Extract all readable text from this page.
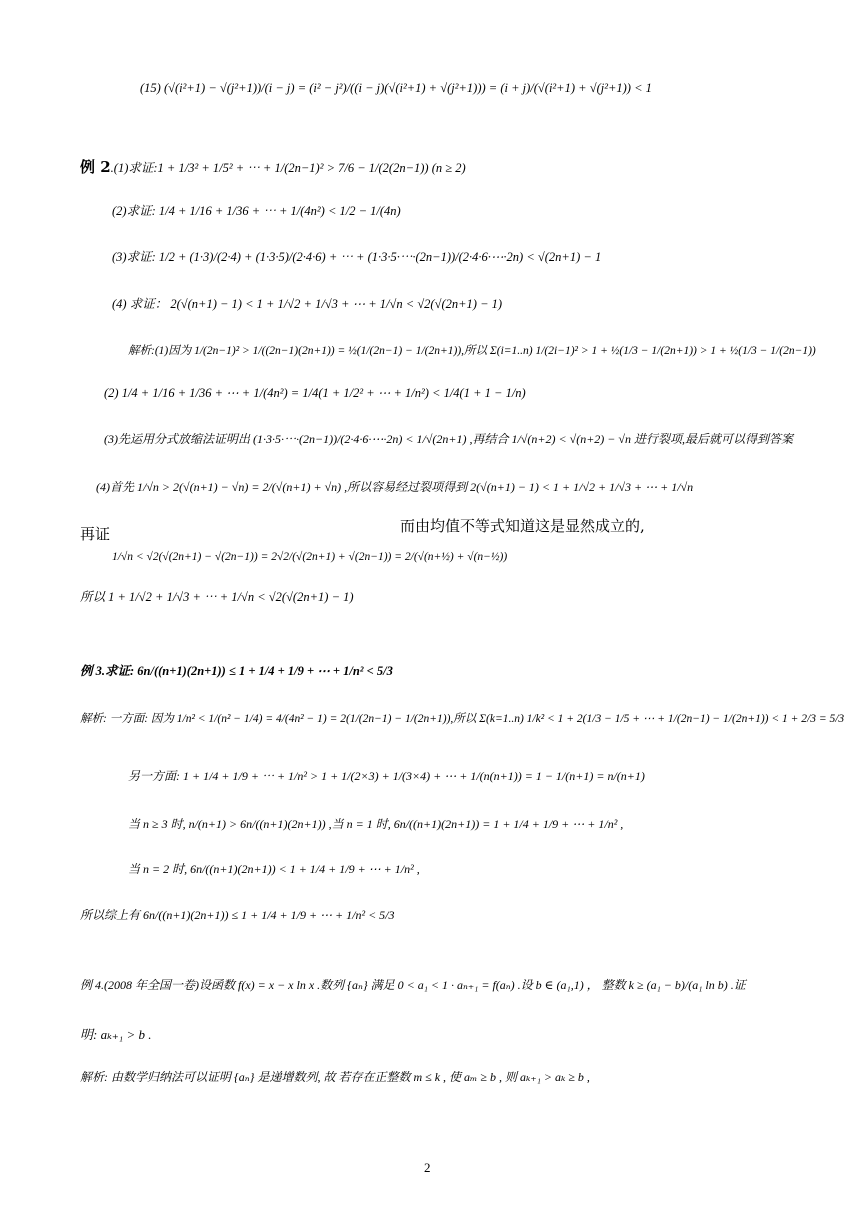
(15) (√(i²+1) − √(j²+1))/(i − j) = (i² − j²)/((i − j)(√(i²+1) + √(j²+1))) = (i + j)/(√(i²+1) + √(j²+1)) < 1
例 2.(1)求证:1 + 1/3² + 1/5² + ⋯ + 1/(2n−1)² > 7/6 − 1/(2(2n−1)) (n ≥ 2)
(2)求证: 1/4 + 1/16 + 1/36 + ⋯ + 1/(4n²) < 1/2 − 1/(4n)
(3)求证: 1/2 + (1·3)/(2·4) + (1·3·5)/(2·4·6) + ⋯ + (1·3·5·⋯·(2n−1))/(2·4·6·⋯·2n) < √(2n+1) − 1
(4) 求证： 2(√(n+1) − 1) < 1 + 1/√2 + 1/√3 + ⋯ + 1/√n < √2(√(2n+1) − 1)
解析:(1)因为 1/(2n−1)² > 1/((2n−1)(2n+1)) = ½(1/(2n−1) − 1/(2n+1)),所以 Σ(i=1..n) 1/(2i−1)² > 1 + ½(1/3 − 1/(2n+1)) > 1 + ½(1/3 − 1/(2n−1))
(2) 1/4 + 1/16 + 1/36 + ⋯ + 1/(4n²) = 1/4(1 + 1/2² + ⋯ + 1/n²) < 1/4(1 + 1 − 1/n)
(3)先运用分式放缩法证明出 (1·3·5·⋯·(2n−1))/(2·4·6·⋯·2n) < 1/√(2n+1) ,再结合 1/√(n+2) < √(n+2) − √n 进行裂项,最后就可以得到答案
(4)首先 1/√n > 2(√(n+1) − √n) = 2/(√(n+1) + √n) ,所以容易经过裂项得到 2(√(n+1) − 1) < 1 + 1/√2 + 1/√3 + ⋯ + 1/√n
再证	而由均值不等式知道这是显然成立的,
1/√n < √2(√(2n+1) − √(2n−1)) = 2√2/(√(2n+1) + √(2n−1)) = 2/(√(n+½) + √(n−½))
所以 1 + 1/√2 + 1/√3 + ⋯ + 1/√n < √2(√(2n+1) − 1)
例 3.求证: 6n/((n+1)(2n+1)) ≤ 1 + 1/4 + 1/9 + ⋯ + 1/n² < 5/3
解析: 一方面: 因为 1/n² < 1/(n² − 1/4) = 4/(4n² − 1) = 2(1/(2n−1) − 1/(2n+1)),所以 Σ(k=1..n) 1/k² < 1 + 2(1/3 − 1/5 + ⋯ + 1/(2n−1) − 1/(2n+1)) < 1 + 2/3 = 5/3
另一方面: 1 + 1/4 + 1/9 + ⋯ + 1/n² > 1 + 1/(2×3) + 1/(3×4) + ⋯ + 1/(n(n+1)) = 1 − 1/(n+1) = n/(n+1)
当 n ≥ 3 时, n/(n+1) > 6n/((n+1)(2n+1)) ,当 n = 1 时, 6n/((n+1)(2n+1)) = 1 + 1/4 + 1/9 + ⋯ + 1/n² ,
当 n = 2 时, 6n/((n+1)(2n+1)) < 1 + 1/4 + 1/9 + ⋯ + 1/n² ,
所以综上有 6n/((n+1)(2n+1)) ≤ 1 + 1/4 + 1/9 + ⋯ + 1/n² < 5/3
例 4.(2008 年全国一卷)设函数 f(x) = x − x ln x .数列 {aₙ} 满足 0 < a₁ < 1 · aₙ₊₁ = f(aₙ) .设 b ∈ (a₁,1) ， 整数 k ≥ (a₁ − b)/(a₁ ln b) .证
明: aₖ₊₁ > b .
解析: 由数学归纳法可以证明 {aₙ} 是递增数列, 故 若存在正整数 m ≤ k , 使 aₘ ≥ b , 则 aₖ₊₁ > aₖ ≥ b ,
2
